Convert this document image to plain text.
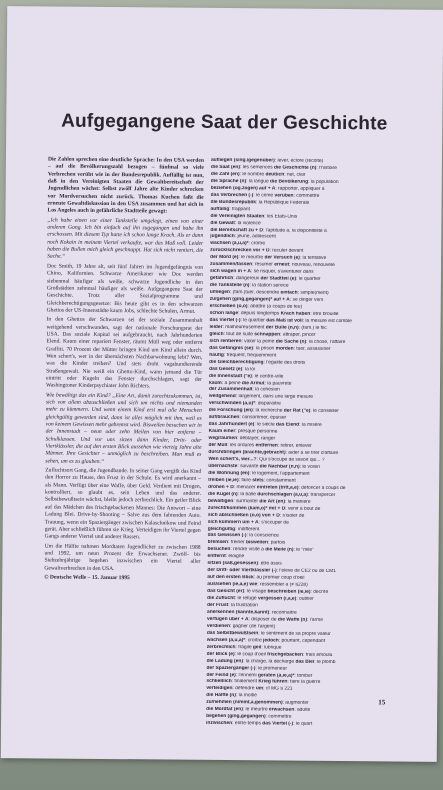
Aufgegangene Saat der Geschichte

Die Zahlen sprechen eine deutliche Sprache: In den USA werden – auf die Bevölkerungszahl bezogen – fünfmal so viele Verbrechen verübt wie in der Bundesrepublik. Auffällig ist nun, daß in den Vereinigten Staaten die Gewaltbereitschaft der Jugendlichen wächst: Selbst zwölf Jahre alte Kinder schrecken vor Mordversuchen nicht zurück. Thomas Kuchen faßt die erneute Gewaltdiskussion in den USA zusammen und hat sich in Los Angeles auch in gefährliche Stadtteile gewagt:

„Ich habe einen vor einer Tankstelle umgelegt, einen von einer anderen Gang. Ich bin einfach auf ihn zugegangen und habe ihn erschossen. Mit diesem Typ hatte ich schon lange Krach. Als er dann noch Kokain in meinem Viertel verkaufte, war das Maß voll. Leider haben die Bullen mich gleich geschnappt. Hat sich nicht rentiert, die Sache.“

Doc Smith, 19 Jahre alt, seit fünf Jahren im Jugendgefängnis von Chino, Kalifornien. Schwarze Amerikaner wie Doc werden siebenmal häufiger als weiße, schwarze Jugendliche in den Großstädten zehnmal häufiger als weiße. Aufgegangene Saat der Geschichte. Trotz aller Sozialprogramme und Gleichberechtigungsgesetze: Bis heute gibt es in den schwarzen Ghettos der US-Innenstädte kaum Jobs, schlechte Schulen, Armut.

In den Ghettos der Schwarzen sei der soziale Zusammenhalt weitgehend verschwunden, sagt der nationale Forschungsrat der USA. Das soziale Kapital sei aufgebraucht, nach Jahrhunderten Elend. Kaum einer repariert Fenster, räumt Müll weg oder entfernt Graffiti. 70 Prozent der Mütter bringen Kind um Kind allein durch. Wen schert's, wer in der übernächsten Nachbarwohnung lebt? Wen, was die Kinder treiben? Und stets droht vagabundierende Straßengewalt. Nie weiß ein Ghetto-Kind, wann jemand die Tür eintritt oder Kugeln das Fenster durchschlagen, sagt der Washingtoner Kinderpsychiater John Richters.

Wie bewältigt das ein Kind? „Eine Art, damit zurechtzukommen, ist, sich von allem abzuschließen und sich um nichts und niemanden mehr zu kümmern. Und wenn einem Kind erst mal alle Menschen gleichgültig geworden sind, dann ist alles möglich mit ihm, weil es von keinem Gewissen mehr gebremst wird. Bisweilen besuchen wir in der Innenstadt – neun oder zehn Meilen von hier entfernt – Schulklassen. Und vor uns sitzen dann Kinder, Dritt- oder Viertklässler, die auf den ersten Blick aussehen wie vierzig Jahre alte Männer. Ihre Gesichter – unmöglich zu beschreiben. Man muß es sehen, um es zu glauben.“

Zufluchtsort Gang, die Jugendbande. In seiner Gang vergißt das Kind den Horror zu Hause, den Frust in der Schule. Es wird anerkannt – als Mann. Verfügt über eine Waffe, über Geld. Verdient mit Drogen, kontrolliert, so glaubt es, sein Leben und das anderer. Selbstbewußtsein wächst, bleibt jedoch zerbrechlich. Ein geiler Blick auf das Mädchen des frischgebackenen Mannes: Die Antwort – eine Ladung Blei. Drive-by-Shooting – Salve aus dem fahrenden Auto. Trauung, wenn ein Spaziergänger zwischen Kalaschnikow und Feind gerät. Aber schließlich führen sie Krieg. Verteidigen ihr Viertel gegen Gangs anderer Viertel und anderer Rassen.

Um die Hälfte nahmen Mordtaten Jugendlicher zu zwischen 1988 und 1992, um neun Prozent die Erwachsener. Zwölf- bis Siebzehnjährige begehen inzwischen ein Viertel aller Gewaltverbrechen in den USA.

© Deutsche Welle – 15. Januar 1995

aufliegen (sing./gegenüber): lever, éclore (récolte)
die Saat (en): les semences die Geschichte (n): l'histoire
die Zahl (en): le nombre deutlich: net, clair
die Sprache (n): la langue die Bevölkerung: la population
beziehen (og.zogen) auf + A: rapporter, appliquer à
das Verbrechen (-): le crime verüben: commettre
die Bundesrepublik: la République Fédérale
auffällig: frappant
die Vereinigten Staaten: les États-Unis
die Gewalt: la violence
die Bereitschaft zu + D: l'aptitude à, la disponibilité à
jugendlich: jeune, adolescent
wachsen (ä,u,a)*: croître
zurück/schrecken vor + D: reculer devant
der Mord (e): le meurtre der Versuch (e): la tentative
zusammen/fassen: résumer erneut: nouveau, renouvelé
sich wagen in + A: se risquer, s'aventurer dans
gefährlich: dangereux der Stadtteil (e): le quartier
die Tankstelle (n): la station service
umlegen: (fam.)tuer, descendre einfach: simple(ment)
zu/gehen (ging,gegangen)* auf + A: se diriger vers
erschießen (o,o): abattre (à coups de feu)
schon lange: depuis longtemps Krach haben: être brouillé
das Viertel (-): le quartier das Maß ist voll: la mesure est comble
leider: malheureusement der Bulle (n,n): (fam.) le flic
gleich: tout de suite schnappen: attraper, pincer
sich rentieren: valoir la peine die Sache (n): la chose, l'affaire
das Gefängnis (se): la prison morden: tuer, assassiner
häufig: fréquent, fréquemment
die Gleichberechtigung: l'égalité des droits
das Gesetz (e): la loi
die Innenstadt ("e): le centre-ville
kaum: à peine die Armut: la pauvreté
der Zusammenhalt: la cohésion
weitgehend: largement, dans une large mesure
verschwinden (a,u)*: disparaître
die Forschung (en): la recherche der Rat ("e): le conseiller
auf/brauchen: consommer, épuiser
das Jahrhundert (e): le siècle das Elend: la misère
Kaum einer: presque personne
weg/räumen: déblayer, ranger
der Müll: les ordures entfernen: retirer, enlever
durch/bringen (brachte,gebracht): aider à se tirer d'affaire
Wen schert's, wer...?: Qui s'occupe de savoir qui... ?
übernächste: suivante die Nachbar (n,n): le voisin
die Wohnung (en): le logement, l'appartement
treiben (ie,ie): faire stets: constamment
drohen + D: menacer eintreten (tritt,a,e): défoncer à coups de
die Kugel (n): la balle durchschlagen (ä,u,a): transpercer
bewältigen: surmonter die Art (en): la manière
zurecht/kommen (kam,o)* mit + D: venir à bout de
sich ab/schließen (o,o) von + D: s'isoler de
sich kümmern um + A: s'occuper de
gleichgültig: indifférent
das Gewissen (-): la conscience
bremsen: freiner bisweilen: parfois
besuchen: rendre visite à die Meile (n): le "mile"
entfernt: éloigné
sitzen (saß,gesessen): être assis
der Dritt- oder Viertklässler (-): l'élève de CE2 ou de CM1
auf den ersten Blick: au premier coup d'oeil
aus/sehen (ie,a,e) wie: ressembler à (≠ §228)
das Gesicht (er): le visage beschreiben (ie,ie): décrire
die Zuflucht: le refuge vergessen (i,a,e): oublier
der Frust: la frustration
anerkennen (kannte,kannt): reconnaître
verfügen über + A: disposer de die Waffe (n): l'arme
verdienen: gagner (de l'argent)
das Selbstbewußtsein: le sentiment de sa propre valeur
wachsen (ä,u,a)*: croître jedoch: pourtant, cependant
zerbrechlich: fragile geil: lubrique
der Blick (e): le coup d'oeil frischgebacken: frais émoulu
die Ladung (en): la charge, la décharge das Blei: le plomb
der Spaziergänger (-): le promeneur
der Feind (e): l'ennemi geraten (ä,ie,a)*: tomber
schließlich: finalement Krieg führen: faire la guerre
verteidigen: défendre um: cf MG § 221
die Hälfte (n): la moitié
zu/nehmen (nimmt,a,genommen): augmenter
die Mordtat (en): le meurtre erwachsen: adulte
begehen (ging,gegangen): commettre
inzwischen: entre-temps das Viertel (-): le quart
15
